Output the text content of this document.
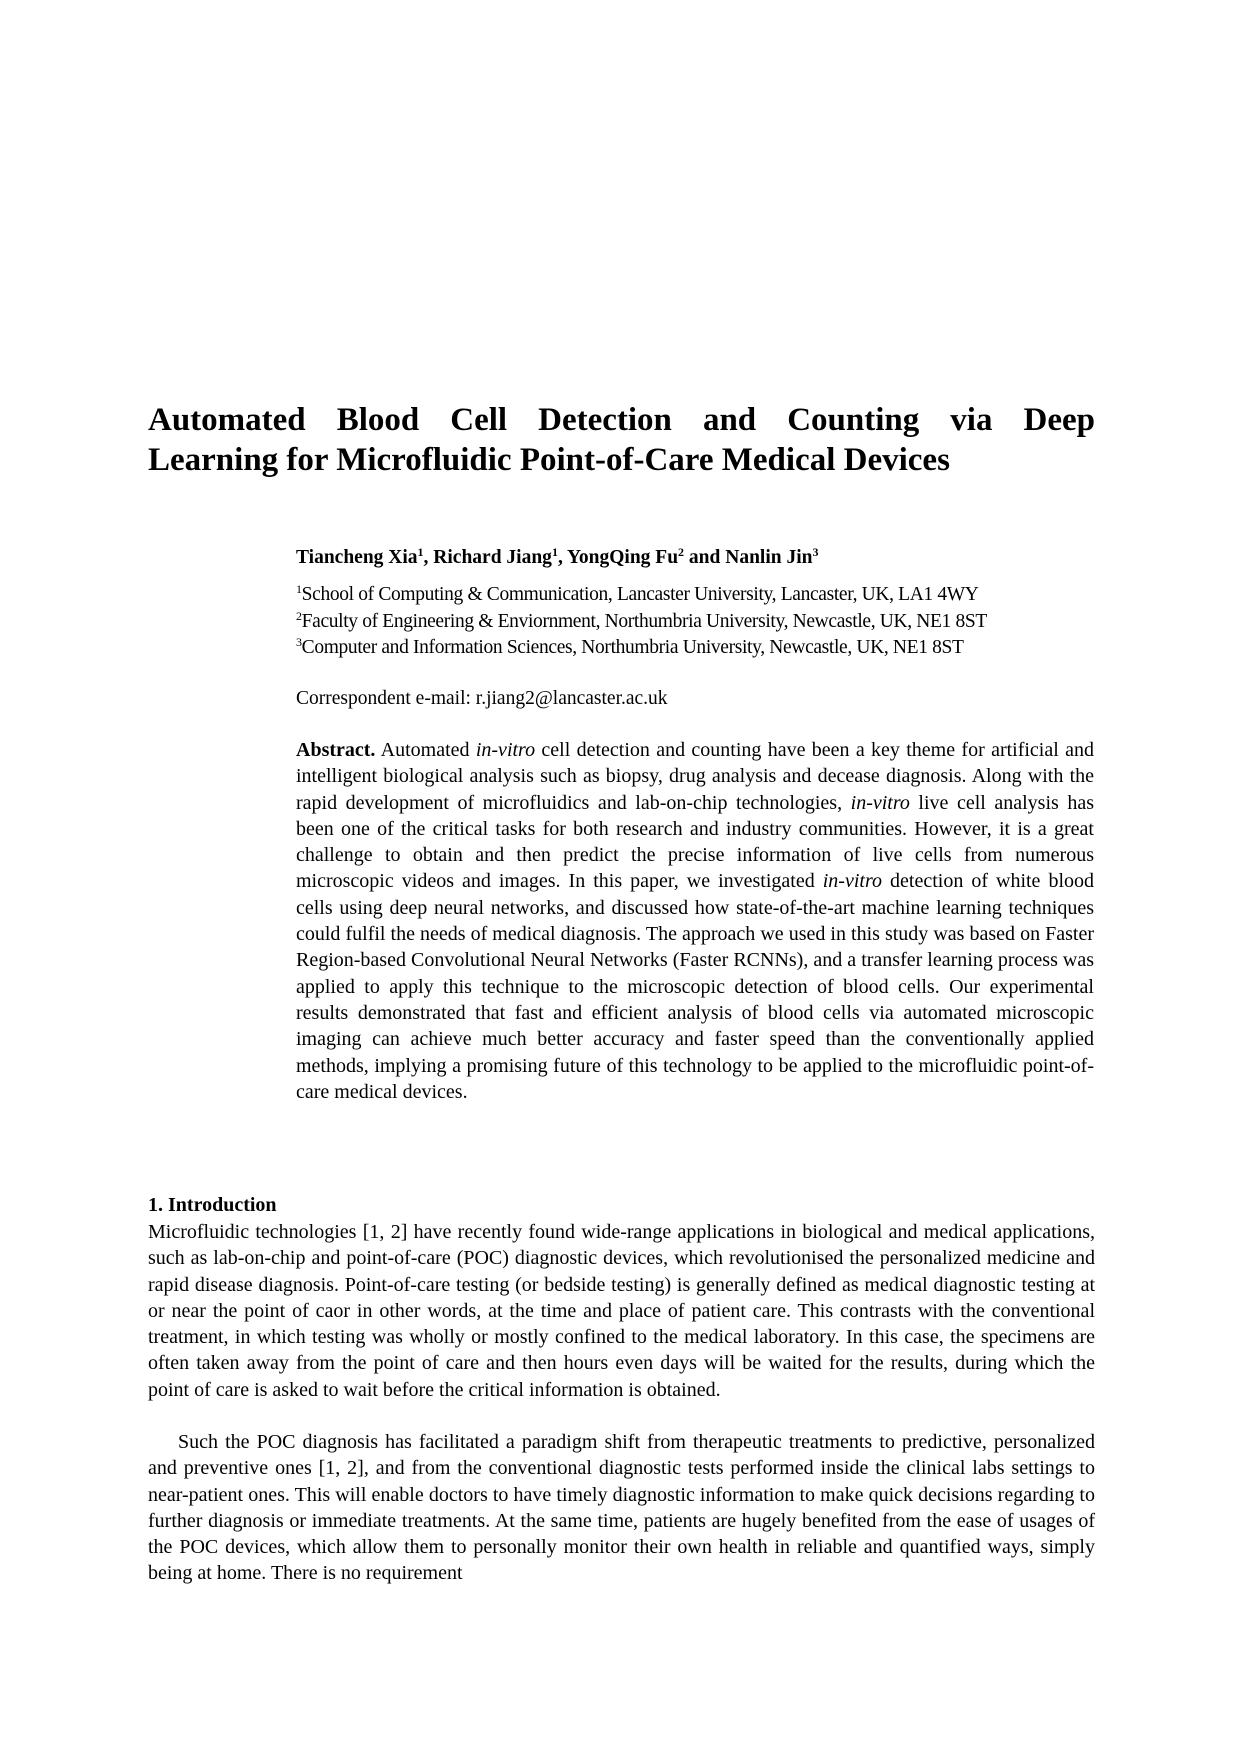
Automated Blood Cell Detection and Counting via Deep
Learning for Microfluidic Point-of-Care Medical Devices
Tiancheng Xia$^1$, Richard Jiang$^1$, YongQing Fu$^2$ and Nanlin Jin$^3$
$^1$School of Computing & Communication, Lancaster University, Lancaster, UK, LA1 4WY
$^2$Faculty of Engineering & Enviornment, Northumbria University, Newcastle, UK, NE1 8ST
$^3$Computer and Information Sciences, Northumbria University, Newcastle, UK, NE1 8ST
Correspondent e-mail: r.jiang2@lancaster.ac.uk

Abstract. Automated in-vitro cell detection and counting have been a key theme for artificial and intelligent biological analysis such as biopsy, drug analysis and decease diagnosis. Along with the rapid development of microfluidics and lab-on-chip technologies, in-vitro live cell analysis has been one of the critical tasks for both research and industry communities. However, it is a great challenge to obtain and then predict the precise information of live cells from numerous microscopic videos and images. In this paper, we investigated in-vitro detection of white blood cells using deep neural networks, and discussed how state-of-the-art machine learning techniques could fulfil the needs of medical diagnosis. The approach we used in this study was based on Faster Region-based Convolutional Neural Networks (Faster RCNNs), and a transfer learning process was applied to apply this technique to the microscopic detection of blood cells. Our experimental results demonstrated that fast and efficient analysis of blood cells via automated microscopic imaging can achieve much better accuracy and faster speed than the conventionally applied methods, implying a promising future of this technology to be applied to the microfluidic point-of-care medical devices.

1. Introduction

Microfluidic technologies [1, 2] have recently found wide-range applications in biological and medical applications, such as lab-on-chip and point-of-care (POC) diagnostic devices, which revolutionised the personalized medicine and rapid disease diagnosis. Point-of-care testing (or bedside testing) is generally defined as medical diagnostic testing at or near the point of caor in other words, at the time and place of patient care. This contrasts with the conventional treatment, in which testing was wholly or mostly confined to the medical laboratory. In this case, the specimens are often taken away from the point of care and then hours even days will be waited for the results, during which the point of care is asked to wait before the critical information is obtained.

Such the POC diagnosis has facilitated a paradigm shift from therapeutic treatments to predictive, personalized and preventive ones [1, 2], and from the conventional diagnostic tests performed inside the clinical labs settings to near-patient ones. This will enable doctors to have timely diagnostic information to make quick decisions regarding to further diagnosis or immediate treatments. At the same time, patients are hugely benefited from the ease of usages of the POC devices, which allow them to personally monitor their own health in reliable and quantified ways, simply being at home. There is no requirement
